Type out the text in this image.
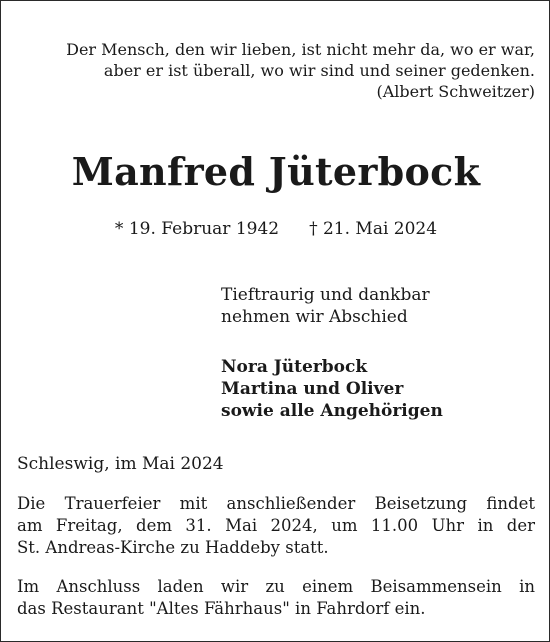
Der Mensch, den wir lieben, ist nicht mehr da, wo er war,
aber er ist überall, wo wir sind und seiner gedenken.
(Albert Schweitzer)
Manfred Jüterbock
* 19. Februar 1942 † 21. Mai 2024
Tieftraurig und dankbar
nehmen wir Abschied
Nora Jüterbock
Martina und Oliver
sowie alle Angehörigen
Schleswig, im Mai 2024
Die Trauerfeier mit anschließender Beisetzung findet
am Freitag, dem 31. Mai 2024, um 11.00 Uhr in der
St. Andreas-Kirche zu Haddeby statt.
Im Anschluss laden wir zu einem Beisammensein in
das Restaurant "Altes Fährhaus" in Fahrdorf ein.
